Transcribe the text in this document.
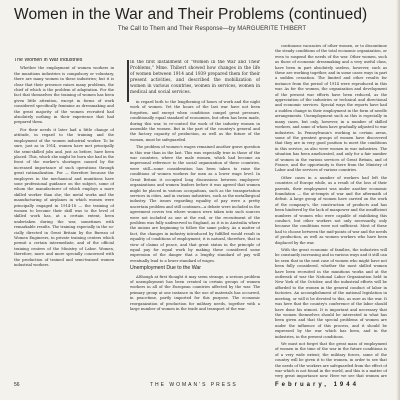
Women in the War and Their Problems (continued)
The Call to Them and Their Response—by MARGUERITE THIBERT
The Women in War Industries

Whether the employment of women workers in the munitions industries is compulsory or voluntary, there are many women in these industries; but it is clear that their presence raises many problems, the chief of which is the problem of adaptation. For the fact that themselves the training of women has been given little attention, except in forms of work considered specifically feminine as dressmaking and the great majority of the women recruited had absolutely nothing in their experience that had prepared them.

For their needs it later had a little change of attitude, in regard to the training and the employment of the women industrial worker. To be sure, just as in 1914, women have met principally the semi-skilled jobs and, just as before, have been placed. This, which she might be born she had in the front of the worker's shortages caused by the increased importance of such operations through great rationalization. For — therefore because the employers in the mechanical and munitions have sone professional guidance on the subject, some of whom the manufacturer of which employs a more skilled worker than she; the metal works and the manufacturing of airplanes in which women were principally engaged in 1914-18 — the training of women to become their skill was to the level of skilled work has, at a certain extent, been undertaken during the war, sometimes with remarkable results. The training especially in the so-cially directed in Great Britain by the Bureau of Women Engineers, in private training centers which permit a certain intermediate, and of the official training centers of the Ministry of Labor. Women, therefore, more and more specially concerned with the production of trained and semi-trained women industrial workers.

In the first installment of "Women in the War and Their Problems," Mme. Thibert showed how changes in the life of women between 1914 and 1939 prepared them for their present activities, and described the mobilization of women in various countries, women in services, women in medical and social services.

in regard both to the lengthening of hours of work and the night work of women. Yet the hours of the last war have not been forgotten, and except when conditions compel great pressure, conditionally equal standard of economies, but often has been made, during this war, to re-control the work of the industry women in assemble the women. But in the part of the country's general and the factory capacity of production, as well as the future of the women, must be safeguarded.

The problem of women's wages remained another grave question in this war than in the last. This was especially true in those of the war countries, where the male women, which had become an impersonal reference to the social organization of these countries, were still—some consideration has been taken to raise the conditions of women workers for men as a lower wage level. In Great Britain it occupied long discussions between employers' organizations and women leaders before it was agreed that women might be placed in various occupations, such as the transportation services in cities, and in various industries, such as the metallurgical industry. The issues regarding equality of pay were a pretty uncertain problem and still continues—a debate were included in the agreement covers ten where women were taken into such sources were not included as one at the end, or the recruitment of the problem was fully undeserved in England, as it is in Australia where the unions are beginning to follow the same policy. As a matter of fact, the changes in industry introduced by fulfilled would result in equality of conditions of employment; it is natural, therefore, that in view of claims of peace, and that great status in the principle of equal pay for equal work by making these considered some expression of the danger that a lengthy standard of pay will eventually lead to a lower standard of wages.

Unemployment Due to the War

Although at first thought it may seem strange, a serious problem of unemployment has been created in certain groups of women workers in all of the European countries affected by the war. The primary group at one instance in the use of materials has occurred, in peacetime, partly imported for this purpose. The economic reorganization of production for military needs, together with a large number of women in the trade and transport of the war.

continuous vacancies of other women, or to discontinue the steady conditions of the total economic organization, or even to suspend the needs of the war. Other women, such as those of economic dressmaking and a very useful class, have been in part absolutely useless, however, such as these are working together, and in some cases ways in part a sudden cessation. The limited and other results for instance from the period of 1914 were reproduced in this war. As for the women, the organization and development of the present war efforts have been reduced, as the appreciation of the industries or technical and directional and economic services. Special ways the reports have had a sudden change in their employment in the form of needle arrangements. Unemployment such as this is especially in many cases, but only, however, in a number of skilled workers, and some of whom have gradually adjusted to war industries. In Pennsylvania's working in certain areas, some of the greatest groups of women have discovered that they are in very good position to meet the conditions in this service, as also were women in war industries. The situation has been ameliorated, and only for a fair number of women in the various services of Great Britain, and of France, and the opportunity is there from the Ministry of Labor and the services of various countries.

Other cases in a number of workers had left the countries of Europe while, as a result of the loss of their parents, their employment was under another economic foundation — the at-tempts of war and the aftermath of defeat. A large group of women have carried on the work of the company's, the construction of products and has been hindered by the lack of manpower and the insufficient numbers of women who were capable of stabilizing this conduct, but other workers not only necessarily, only because the conditions were not sufficient. Most of these had to choose between the mid-points of war and the needs of production, as well as women workers who have been displaced by the war.

With the great economic of families, the industries will be constantly increasing and in various ways and it still can be seen that in the next case of women who might have not been fully considered, whether the most skilled women have been recruited in the munitions works and at the outbreak of war the National Labor Organization held in New York of the October, and the industrial efforts will be afforded to the women in the general conduct of labor in factories. An accomplishment of the national legislation in meeting, or will it be devoted to this, as sure as the war. It was here that the country's conference of the labor should have done his utmost. It is important and necessary that the women themselves should be interested in what has been given and that the special problems of women are under the influence of this process, and it should be expressed by the war which has been, and in the industries, in the present conditions.

We must not forget that the great mass of employment of women in the time of the war in the future conditions is of a very wide extent; the military forces, some of the country will be given it to the women, in order to see that the needs of the workers are safeguarded from the effect of war which is not found in the world, and this is a matter of very great importance now. Here we see that women are

56	THE WOMAN'S PRESS	February, 1944
